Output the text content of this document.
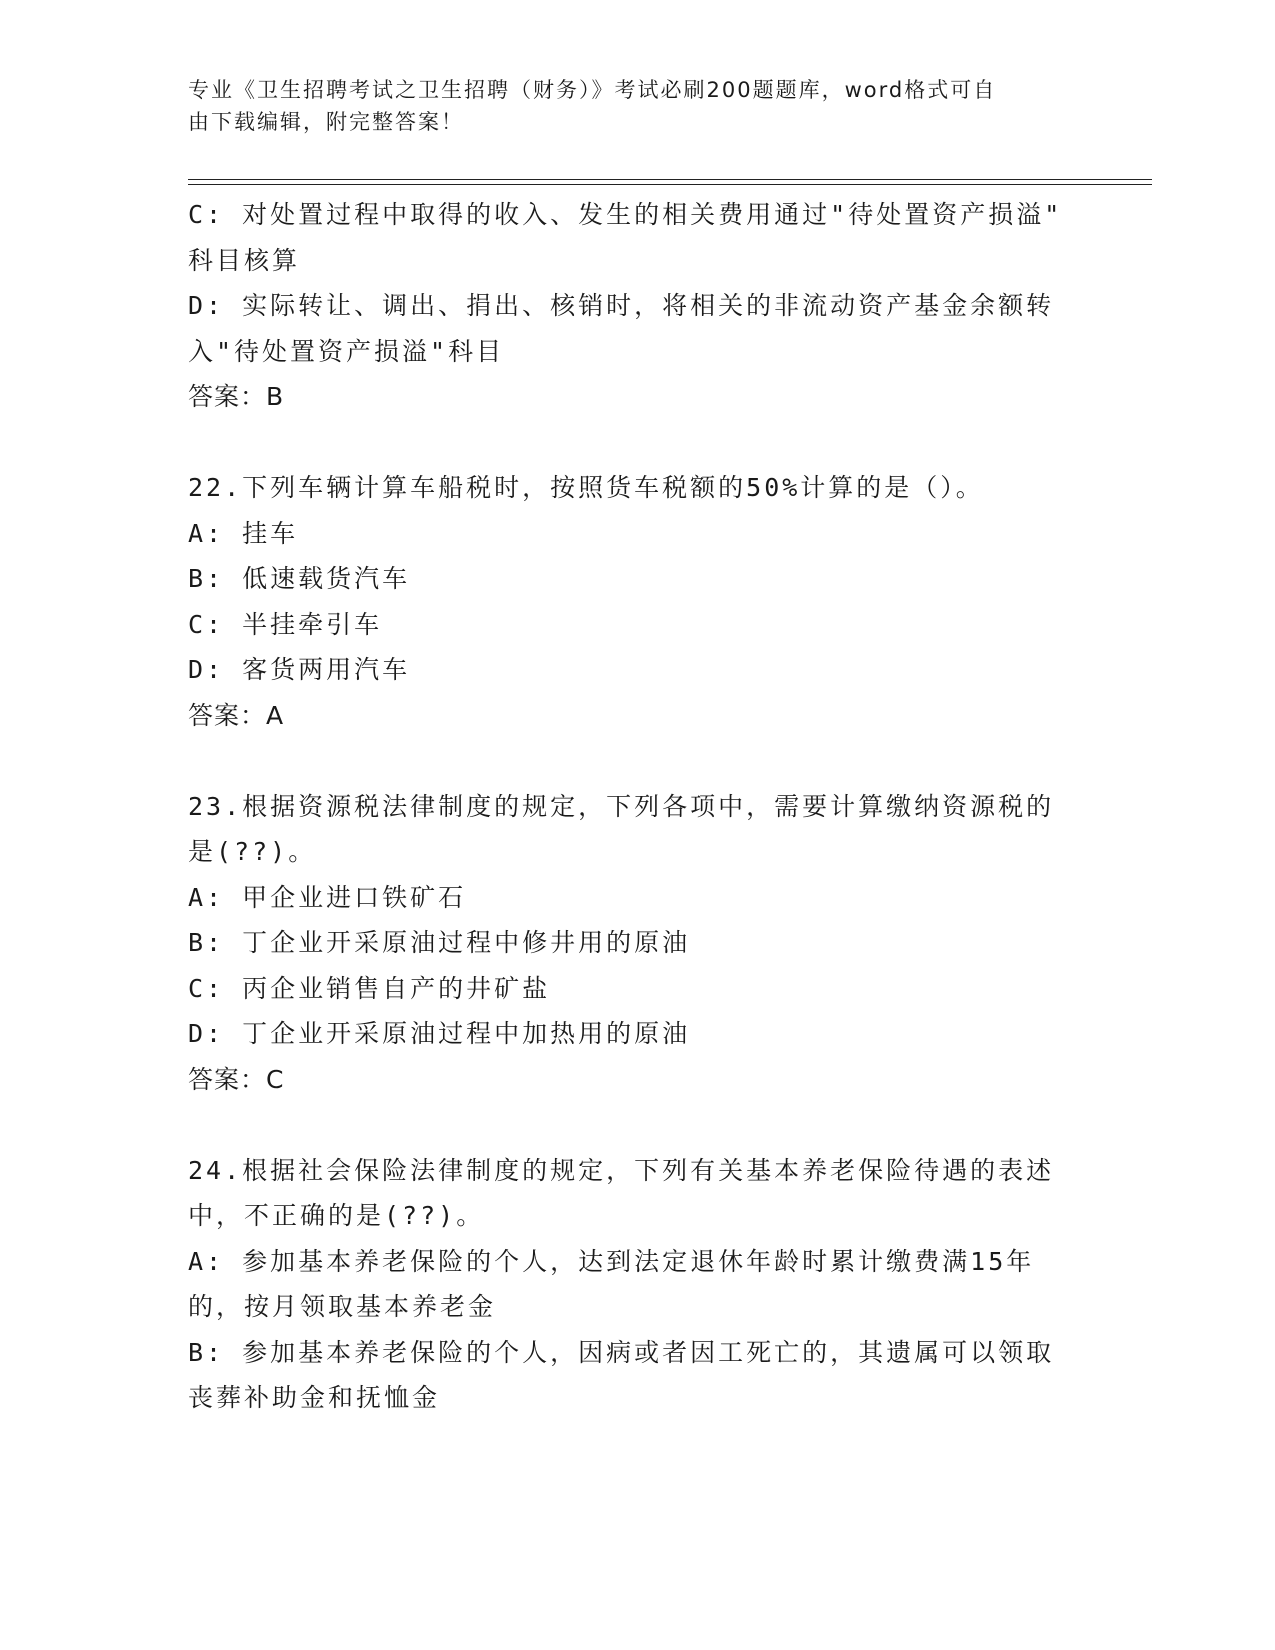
专业《卫生招聘考试之卫生招聘（财务）》考试必刷200题题库，word格式可自
由下载编辑，附完整答案！
C: 对处置过程中取得的收入、发生的相关费用通过"待处置资产损溢"
科目核算
D: 实际转让、调出、捐出、核销时，将相关的非流动资产基金余额转
入"待处置资产损溢"科目
答案：B
22.下列车辆计算车船税时，按照货车税额的50%计算的是（）。
A: 挂车
B: 低速载货汽车
C: 半挂牵引车
D: 客货两用汽车
答案：A
23.根据资源税法律制度的规定，下列各项中，需要计算缴纳资源税的
是(??)。
A: 甲企业进口铁矿石
B: 丁企业开采原油过程中修井用的原油
C: 丙企业销售自产的井矿盐
D: 丁企业开采原油过程中加热用的原油
答案：C
24.根据社会保险法律制度的规定，下列有关基本养老保险待遇的表述
中，不正确的是(??)。
A: 参加基本养老保险的个人，达到法定退休年龄时累计缴费满15年
的，按月领取基本养老金
B: 参加基本养老保险的个人，因病或者因工死亡的，其遗属可以领取
丧葬补助金和抚恤金
